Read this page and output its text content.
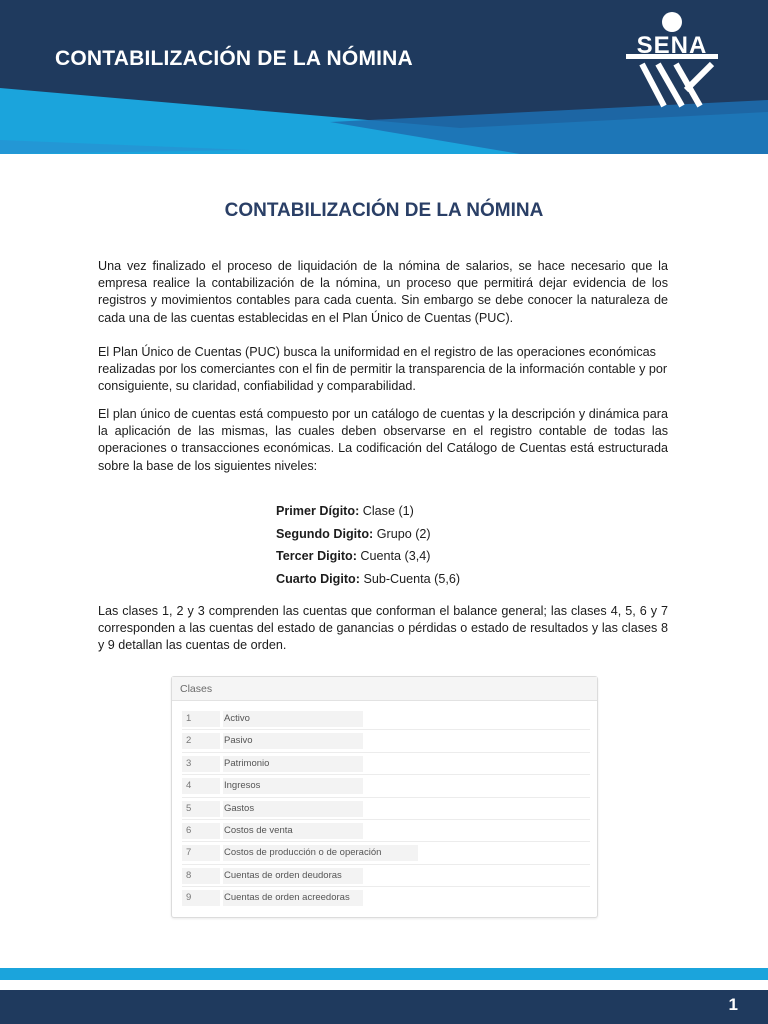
CONTABILIZACIÓN DE LA NÓMINA	SENA
CONTABILIZACIÓN DE LA NÓMINA

Una vez finalizado el proceso de liquidación de la nómina de salarios, se hace necesario que la empresa realice la contabilización de la nómina, un proceso que permitirá dejar evidencia de los registros y movimientos contables para cada cuenta. Sin embargo se debe conocer la naturaleza de cada una de las cuentas establecidas en el Plan Único de Cuentas (PUC).

El Plan Único de Cuentas (PUC) busca la uniformidad en el registro de las operaciones económicas realizadas por los comerciantes con el fin de permitir la transparencia de la información contable y por consiguiente, su claridad, confiabilidad y comparabilidad.

El plan único de cuentas está compuesto por un catálogo de cuentas y la descripción y dinámica para la aplicación de las mismas, las cuales deben observarse en el registro contable de todas las operaciones o transacciones económicas. La codificación del Catálogo de Cuentas está estructurada sobre la base de los siguientes niveles:

Primer Dígito: Clase (1)
Segundo Digito: Grupo (2)
Tercer Digito: Cuenta (3,4)
Cuarto Digito: Sub-Cuenta (5,6)

Las clases 1, 2 y 3 comprenden las cuentas que conforman el balance general; las clases 4, 5, 6 y 7 corresponden a las cuentas del estado de ganancias o pérdidas o estado de resultados y las clases 8 y 9 detallan las cuentas de orden.

Clases
1	Activo
2	Pasivo
3	Patrimonio
4	Ingresos
5	Gastos
6	Costos de venta
7	Costos de producción o de operación
8	Cuentas de orden deudoras
9	Cuentas de orden acreedoras
1
